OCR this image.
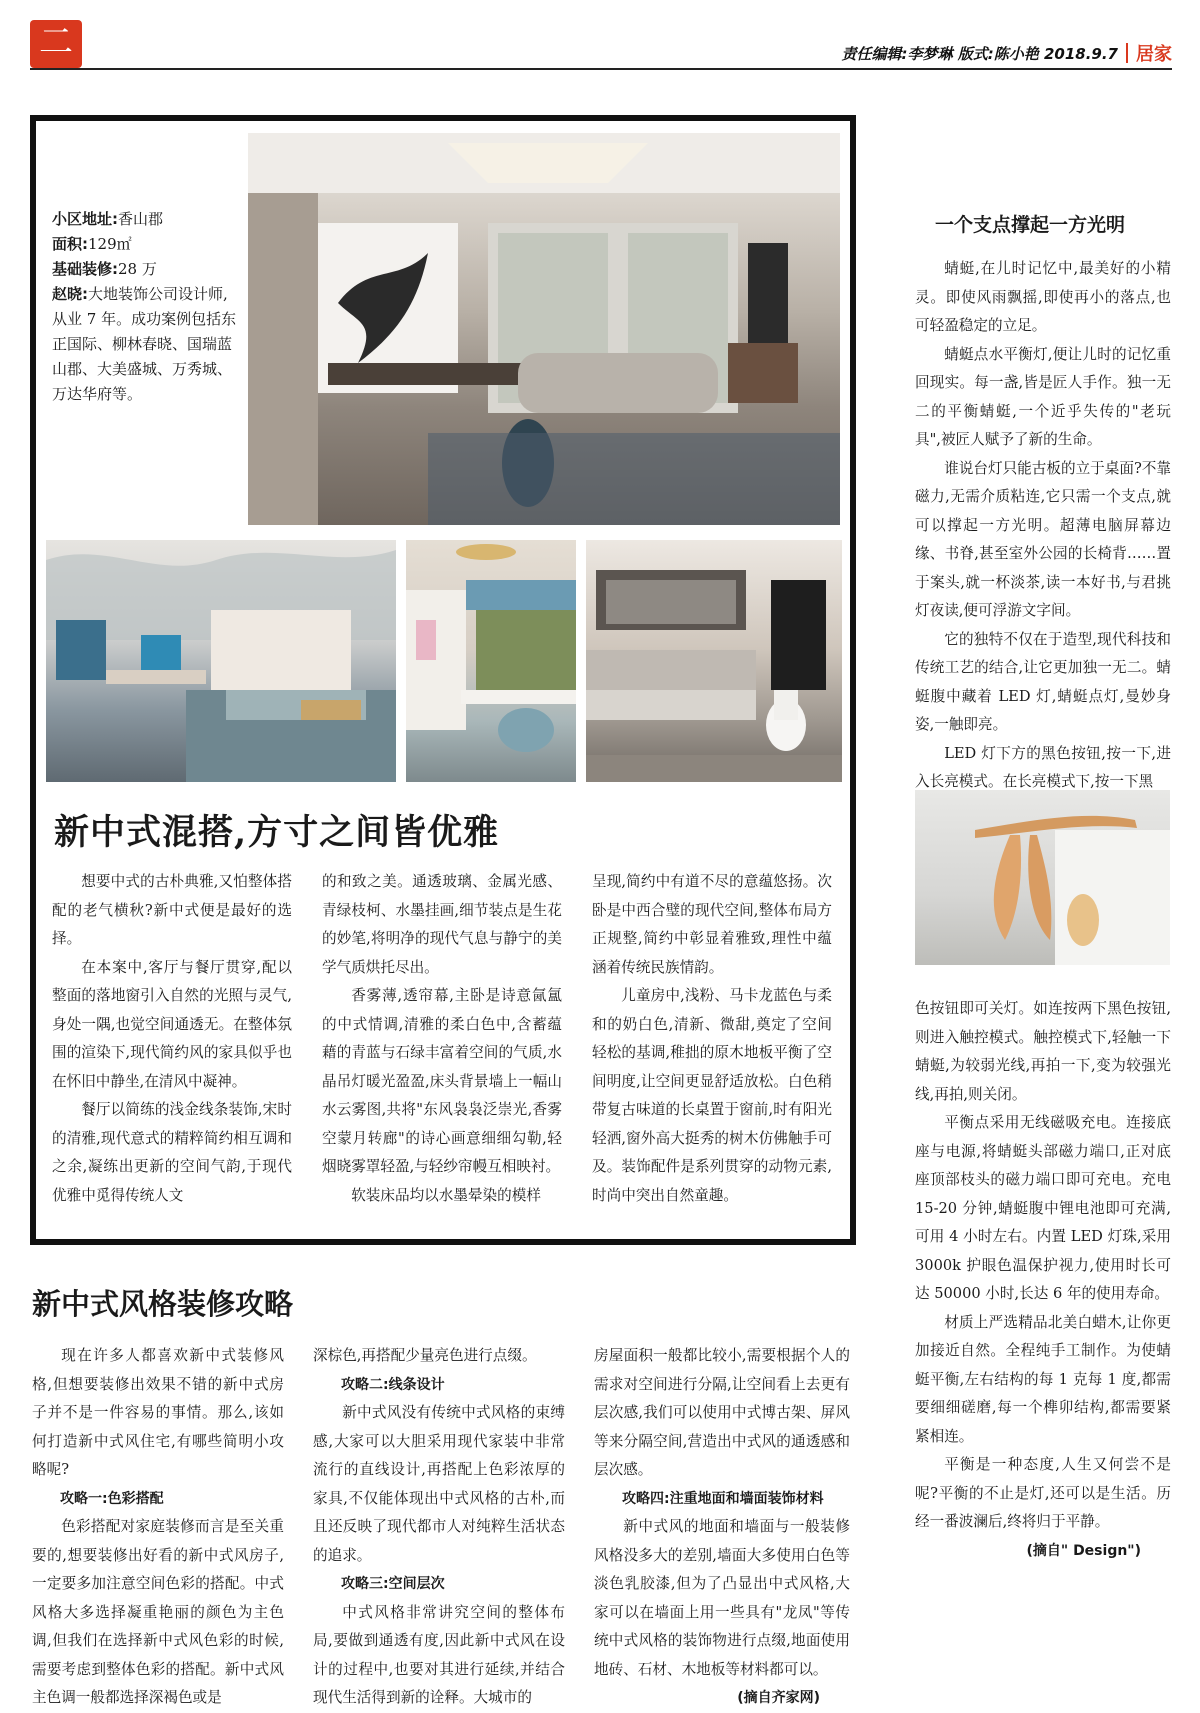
二	责任编辑:李梦琳 版式:陈小艳 2018.9.7 居家

小区地址:香山郡

面积:129㎡

基础装修:28 万

赵晓:大地装饰公司设计师,从业 7 年。成功案例包括东正国际、柳林春晓、国瑞蓝山郡、大美盛城、万秀城、万达华府等。

新中式混搭,方寸之间皆优雅

想要中式的古朴典雅,又怕整体搭配的老气横秋?新中式便是最好的选择。

在本案中,客厅与餐厅贯穿,配以整面的落地窗引入自然的光照与灵气,身处一隅,也觉空间通透无。在整体氛围的渲染下,现代简约风的家具似乎也在怀旧中静坐,在清风中凝神。

餐厅以简练的浅金线条装饰,宋时的清雅,现代意式的精粹简约相互调和之余,凝练出更新的空间气韵,于现代优雅中觅得传统人文

的和致之美。通透玻璃、金属光感、青绿枝柯、水墨挂画,细节装点是生花的妙笔,将明净的现代气息与静宁的美学气质烘托尽出。

香雾薄,透帘幕,主卧是诗意氤氲的中式情调,清雅的柔白色中,含蓄蕴藉的青蓝与石绿丰富着空间的气质,水晶吊灯暖光盈盈,床头背景墙上一幅山水云雾图,共将"东风袅袅泛崇光,香雾空蒙月转廊"的诗心画意细细勾勒,轻烟晓雾罩轻盈,与轻纱帘幔互相映衬。

软装床品均以水墨晕染的模样

呈现,简约中有道不尽的意蕴悠扬。次卧是中西合璧的现代空间,整体布局方正规整,简约中彰显着雅致,理性中蕴涵着传统民族情韵。

儿童房中,浅粉、马卡龙蓝色与柔和的奶白色,清新、微甜,奠定了空间轻松的基调,稚拙的原木地板平衡了空间明度,让空间更显舒适放松。白色稍带复古味道的长桌置于窗前,时有阳光轻洒,窗外高大挺秀的树木仿佛触手可及。装饰配件是系列贯穿的动物元素,时尚中突出自然童趣。

新中式风格装修攻略

现在许多人都喜欢新中式装修风格,但想要装修出效果不错的新中式房子并不是一件容易的事情。那么,该如何打造新中式风住宅,有哪些简明小攻略呢?

攻略一:色彩搭配

色彩搭配对家庭装修而言是至关重要的,想要装修出好看的新中式风房子,一定要多加注意空间色彩的搭配。中式风格大多选择凝重艳丽的颜色为主色调,但我们在选择新中式风色彩的时候,需要考虑到整体色彩的搭配。新中式风主色调一般都选择深褐色或是

深棕色,再搭配少量亮色进行点缀。

攻略二:线条设计

新中式风没有传统中式风格的束缚感,大家可以大胆采用现代家装中非常流行的直线设计,再搭配上色彩浓厚的家具,不仅能体现出中式风格的古朴,而且还反映了现代都市人对纯粹生活状态的追求。

攻略三:空间层次

中式风格非常讲究空间的整体布局,要做到通透有度,因此新中式风在设计的过程中,也要对其进行延续,并结合现代生活得到新的诠释。大城市的

房屋面积一般都比较小,需要根据个人的需求对空间进行分隔,让空间看上去更有层次感,我们可以使用中式博古架、屏风等来分隔空间,营造出中式风的通透感和层次感。

攻略四:注重地面和墙面装饰材料

新中式风的地面和墙面与一般装修风格没多大的差别,墙面大多使用白色等淡色乳胶漆,但为了凸显出中式风格,大家可以在墙面上用一些具有"龙凤"等传统中式风格的装饰物进行点缀,地面使用地砖、石材、木地板等材料都可以。

(摘自齐家网)

一个支点撑起一方光明

蜻蜓,在儿时记忆中,最美好的小精灵。即使风雨飘摇,即使再小的落点,也可轻盈稳定的立足。

蜻蜓点水平衡灯,便让儿时的记忆重回现实。每一盏,皆是匠人手作。独一无二的平衡蜻蜓,一个近乎失传的"老玩具",被匠人赋予了新的生命。

谁说台灯只能古板的立于桌面?不靠磁力,无需介质粘连,它只需一个支点,就可以撑起一方光明。超薄电脑屏幕边缘、书脊,甚至室外公园的长椅背……置于案头,就一杯淡茶,读一本好书,与君挑灯夜读,便可浮游文字间。

它的独特不仅在于造型,现代科技和传统工艺的结合,让它更加独一无二。蜻蜓腹中藏着 LED 灯,蜻蜓点灯,曼妙身姿,一触即亮。

LED 灯下方的黑色按钮,按一下,进入长亮模式。在长亮模式下,按一下黑

色按钮即可关灯。如连按两下黑色按钮,则进入触控模式。触控模式下,轻触一下蜻蜓,为较弱光线,再拍一下,变为较强光线,再拍,则关闭。

平衡点采用无线磁吸充电。连接底座与电源,将蜻蜓头部磁力端口,正对底座顶部枝头的磁力端口即可充电。充电 15-20 分钟,蜻蜓腹中锂电池即可充满,可用 4 小时左右。内置 LED 灯珠,采用 3000k 护眼色温保护视力,使用时长可达 50000 小时,长达 6 年的使用寿命。

材质上严选精品北美白蜡木,让你更加接近自然。全程纯手工制作。为使蜻蜓平衡,左右结构的每 1 克每 1 度,都需要细细磋磨,每一个榫卯结构,都需要紧紧相连。

平衡是一种态度,人生又何尝不是呢?平衡的不止是灯,还可以是生活。历经一番波澜后,终将归于平静。

(摘自" Design")
